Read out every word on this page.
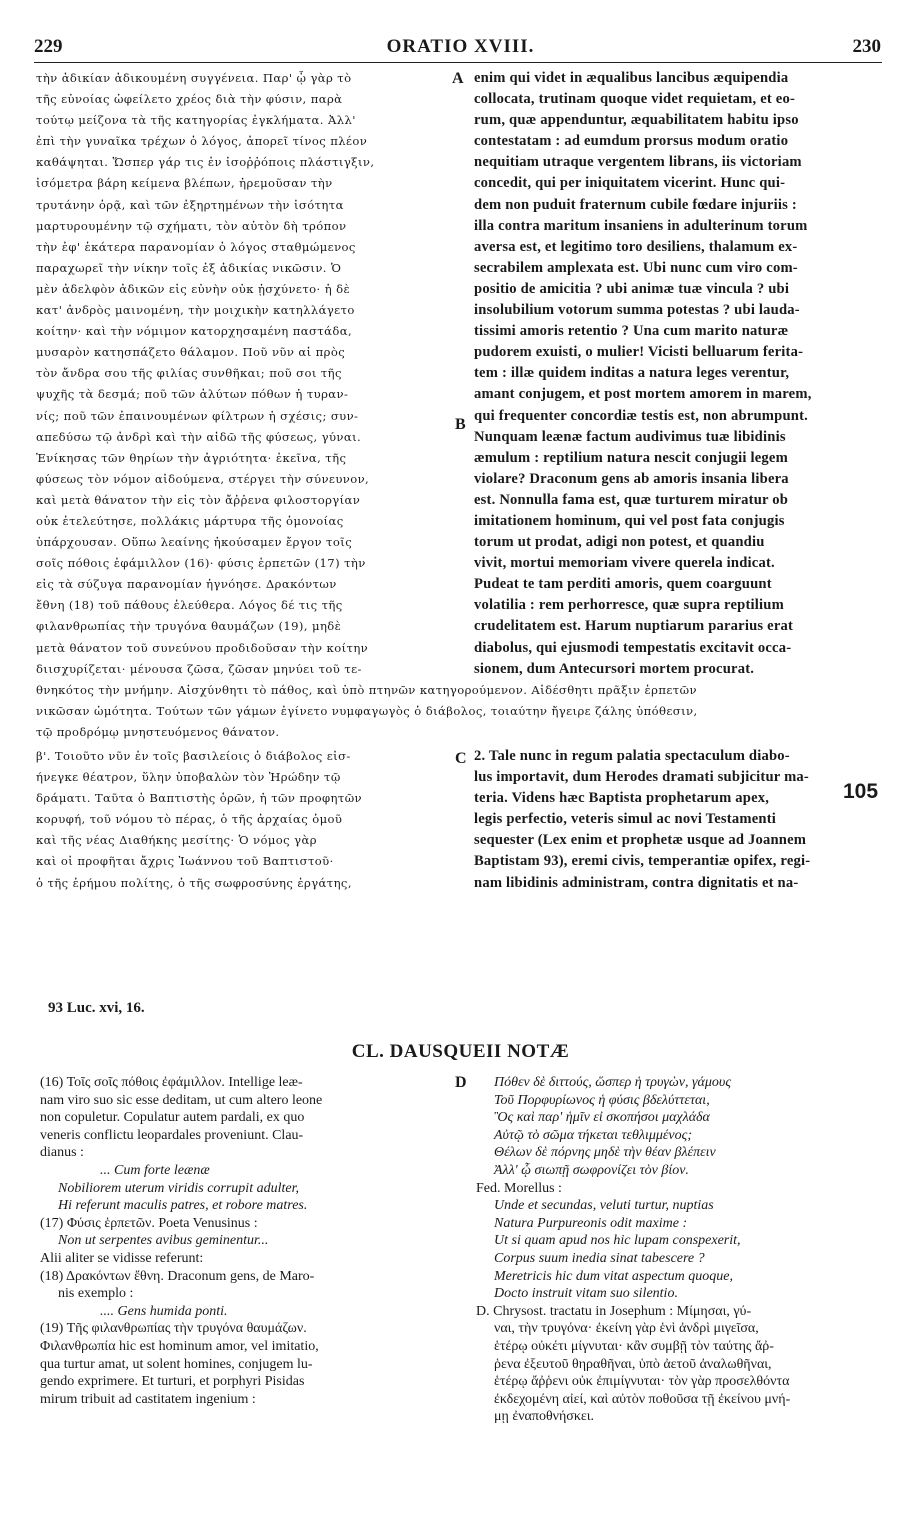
229	ORATIO XVIII.	230
τὴν ἀδικίαν ἀδικουμένη συγγένεια. Παρ' ᾧ γὰρ τὸ
τῆς εὐνοίας ὠφείλετο χρέος διὰ τὴν φύσιν, παρὰ
τούτῳ μείζονα τὰ τῆς κατηγορίας ἐγκλήματα. Ἀλλ'
ἐπὶ τὴν γυναῖκα τρέχων ὁ λόγος, ἀπορεῖ τίνος πλέον
καθάψηται. Ὥσπερ γάρ τις ἐν ἰσοῤῥόποις πλάστιγξιν,
ἰσόμετρα βάρη κείμενα βλέπων, ἠρεμοῦσαν τὴν
τρυτάνην ὁρᾷ, καὶ τῶν ἐξηρτημένων τὴν ἰσότητα
μαρτυρουμένην τῷ σχήματι, τὸν αὐτὸν δὴ τρόπον
τὴν ἐφ' ἑκάτερα παρανομίαν ὁ λόγος σταθμώμενος
παραχωρεῖ τὴν νίκην τοῖς ἐξ ἀδικίας νικῶσιν. Ὁ
μὲν ἀδελφὸν ἀδικῶν εἰς εὐνὴν οὐκ ᾐσχύνετο· ἡ δὲ
κατ' ἀνδρὸς μαινομένη, τὴν μοιχικὴν κατηλλάγετο
κοίτην· καὶ τὴν νόμιμον κατορχησαμένη παστάδα,
μυσαρὸν κατησπάζετο θάλαμον. Ποῦ νῦν αἱ πρὸς
τὸν ἄνδρα σου τῆς φιλίας συνθῆκαι; ποῦ σοι τῆς
ψυχῆς τὰ δεσμά; ποῦ τῶν ἀλύτων πόθων ἡ τυραν-
νίς; ποῦ τῶν ἐπαινουμένων φίλτρων ἡ σχέσις; συν-
απεδύσω τῷ ἀνδρὶ καὶ τὴν αἰδῶ τῆς φύσεως, γύναι.
Ἐνίκησας τῶν θηρίων τὴν ἀγριότητα· ἐκεῖνα, τῆς
φύσεως τὸν νόμον αἰδούμενα, στέργει τὴν σύνευνον,
καὶ μετὰ θάνατον τὴν εἰς τὸν ἄῤῥενα φιλοστοργίαν
οὐκ ἐτελεύτησε, πολλάκις μάρτυρα τῆς ὁμονοίας
ὑπάρχουσαν. Οὕπω λεαίνης ἠκούσαμεν ἔργον τοῖς
σοῖς πόθοις ἐφάμιλλον (16)· φύσις ἑρπετῶν (17) τὴν
εἰς τὰ σύζυγα παρανομίαν ἠγνόησε. Δρακόντων
ἔθνη (18) τοῦ πάθους ἐλεύθερα. Λόγος δέ τις τῆς
φιλανθρωπίας τὴν τρυγόνα θαυμάζων (19), μηδὲ
μετὰ θάνατον τοῦ συνεύνου προδιδοῦσαν τὴν κοίτην
διισχυρίζεται· μένουσα ζῶσα, ζῶσαν μηνύει τοῦ τε-
enim qui videt in æqualibus lancibus æquipendia
collocata, trutinam quoque videt requietam, et eo-
rum, quæ appenduntur, æquabilitatem habitu ipso
contestatam : ad eumdum prorsus modum oratio
nequitiam utraque vergentem librans, iis victoriam
concedit, qui per iniquitatem vicerint. Hunc qui-
dem non puduit fraternum cubile fœdare injuriis :
illa contra maritum insaniens in adulterinum torum
aversa est, et legitimo toro desiliens, thalamum ex-
secrabilem amplexata est. Ubi nunc cum viro com-
positio de amicitia ? ubi animæ tuæ vincula ? ubi
insolubilium votorum summa potestas ? ubi lauda-
tissimi amoris retentio ? Una cum marito naturæ
pudorem exuisti, o mulier! Vicisti belluarum ferita-
tem : illæ quidem inditas a natura leges verentur,
amant conjugem, et post mortem amorem in marem,
qui frequenter concordiæ testis est, non abrumpunt.
Nunquam leænæ factum audivimus tuæ libidinis
æmulum : reptilium natura nescit conjugii legem
violare? Draconum gens ab amoris insania libera
est. Nonnulla fama est, quæ turturem miratur ob
imitationem hominum, qui vel post fata conjugis
torum ut prodat, adigi non potest, et quandiu
vivit, mortui memoriam vivere querela indicat.
Pudeat te tam perditi amoris, quem coarguunt
volatilia : rem perhorresce, quæ supra reptilium
crudelitatem est. Harum nuptiarum pararius erat
diabolus, qui ejusmodi tempestatis excitavit occa-
sionem, dum Antecursori mortem procurat.
A
B
θνηκότος τὴν μνήμην. Αἰσχύνθητι τὸ πάθος, καὶ ὑπὸ πτηνῶν κατηγορούμενον. Αἰδέσθητι πρᾶξιν ἑρπετῶν
νικῶσαν ὠμότητα. Τούτων τῶν γάμων ἐγίνετο νυμφαγωγὸς ὁ διάβολος, τοιαύτην ἤγειρε ζάλης ὑπόθεσιν,
τῷ προδρόμῳ μνηστευόμενος θάνατον.
β'. Τοιοῦτο νῦν ἐν τοῖς βασιλείοις ὁ διάβολος εἰσ-
ήνεγκε θέατρον, ὕλην ὑποβαλὼν τὸν Ἡρώδην τῷ
δράματι. Ταῦτα ὁ Βαπτιστὴς ὁρῶν, ἡ τῶν προφητῶν
κορυφή, τοῦ νόμου τὸ πέρας, ὁ τῆς ἀρχαίας ὁμοῦ
καὶ τῆς νέας Διαθήκης μεσίτης· Ὁ νόμος γὰρ
καὶ οἱ προφῆται ἄχρις Ἰωάννου τοῦ Βαπτιστοῦ·
ὁ τῆς ἐρήμου πολίτης, ὁ τῆς σωφροσύνης ἐργάτης,
2. Tale nunc in regum palatia spectaculum diabo-
lus importavit, dum Herodes dramati subjicitur ma-
teria. Videns hæc Baptista prophetarum apex,
legis perfectio, veteris simul ac novi Testamenti
sequester (Lex enim et prophetæ usque ad Joannem
Baptistam 93), eremi civis, temperantiæ opifex, regi-
nam libidinis administram, contra dignitatis et na-
C
105
93 Luc. xvi, 16.
CL. DAUSQUEII NOTÆ
(16) Τοῖς σοῖς πόθοις ἐφάμιλλον. Intellige leæ-
nam viro suo sic esse deditam, ut cum altero leone
non copuletur. Copulatur autem pardali, ex quo
veneris conflictu leopardales proveniunt. Clau-
dianus :
... Cum forte leænæ
Nobiliorem uterum viridis corrupit adulter,
Hi referunt maculis patres, et robore matres.
(17) Φύσις ἑρπετῶν. Poeta Venusinus :
Non ut serpentes avibus geminentur...
Alii aliter se vidisse referunt:
(18) Δρακόντων ἔθνη. Draconum gens, de Maro-
nis exemplo :
.... Gens humida ponti.
(19) Τῆς φιλανθρωπίας τὴν τρυγόνα θαυμάζων.
Φιλανθρωπία hic est hominum amor, vel imitatio,
qua turtur amat, ut solent homines, conjugem lu-
gendo exprimere. Et turturi, et porphyri Pisidas
mirum tribuit ad castitatem ingenium :
D	Πόθεν δὲ διττούς, ὥσπερ ἡ τρυγὼν, γάμους
Τοῦ Πορφυρίωνος ἡ φύσις βδελύττεται,
Ὃς καὶ παρ' ἡμῖν εἰ σκοπήσοι μαχλάδα
Αὐτῷ τὸ σῶμα τήκεται τεθλιμμένος;
Θέλων δὲ πόρνης μηδὲ τὴν θέαν βλέπειν
Ἀλλ' ᾧ σιωπῇ σωφρονίζει τὸν βίον.
Fed. Morellus :
Unde et secundas, veluti turtur, nuptias
Natura Purpureonis odit maxime :
Ut si quam apud nos hic lupam conspexerit,
Corpus suum inedia sinat tabescere ?
Meretricis hic dum vitat aspectum quoque,
Docto instruit vitam suo silentio.
D. Chrysost. tractatu in Josephum : Μίμησαι, γύ-
ναι, τὴν τρυγόνα· ἐκείνη γὰρ ἑνὶ ἀνδρὶ μιγεῖσα,
ἑτέρῳ οὐκέτι μίγνυται· κἂν συμβῇ τὸν ταύτης ἄῤ-
ῥενα ἐξευτοῦ θηραθῆναι, ὑπὸ ἀετοῦ ἀναλωθῆναι,
ἑτέρῳ ἄῤῥενι οὐκ ἐπιμίγνυται· τὸν γὰρ προσελθόντα
ἐκδεχομένη αἰεί, καὶ αὐτὸν ποθοῦσα τῇ ἐκείνου μνή-
μῃ ἐναποθνήσκει.
